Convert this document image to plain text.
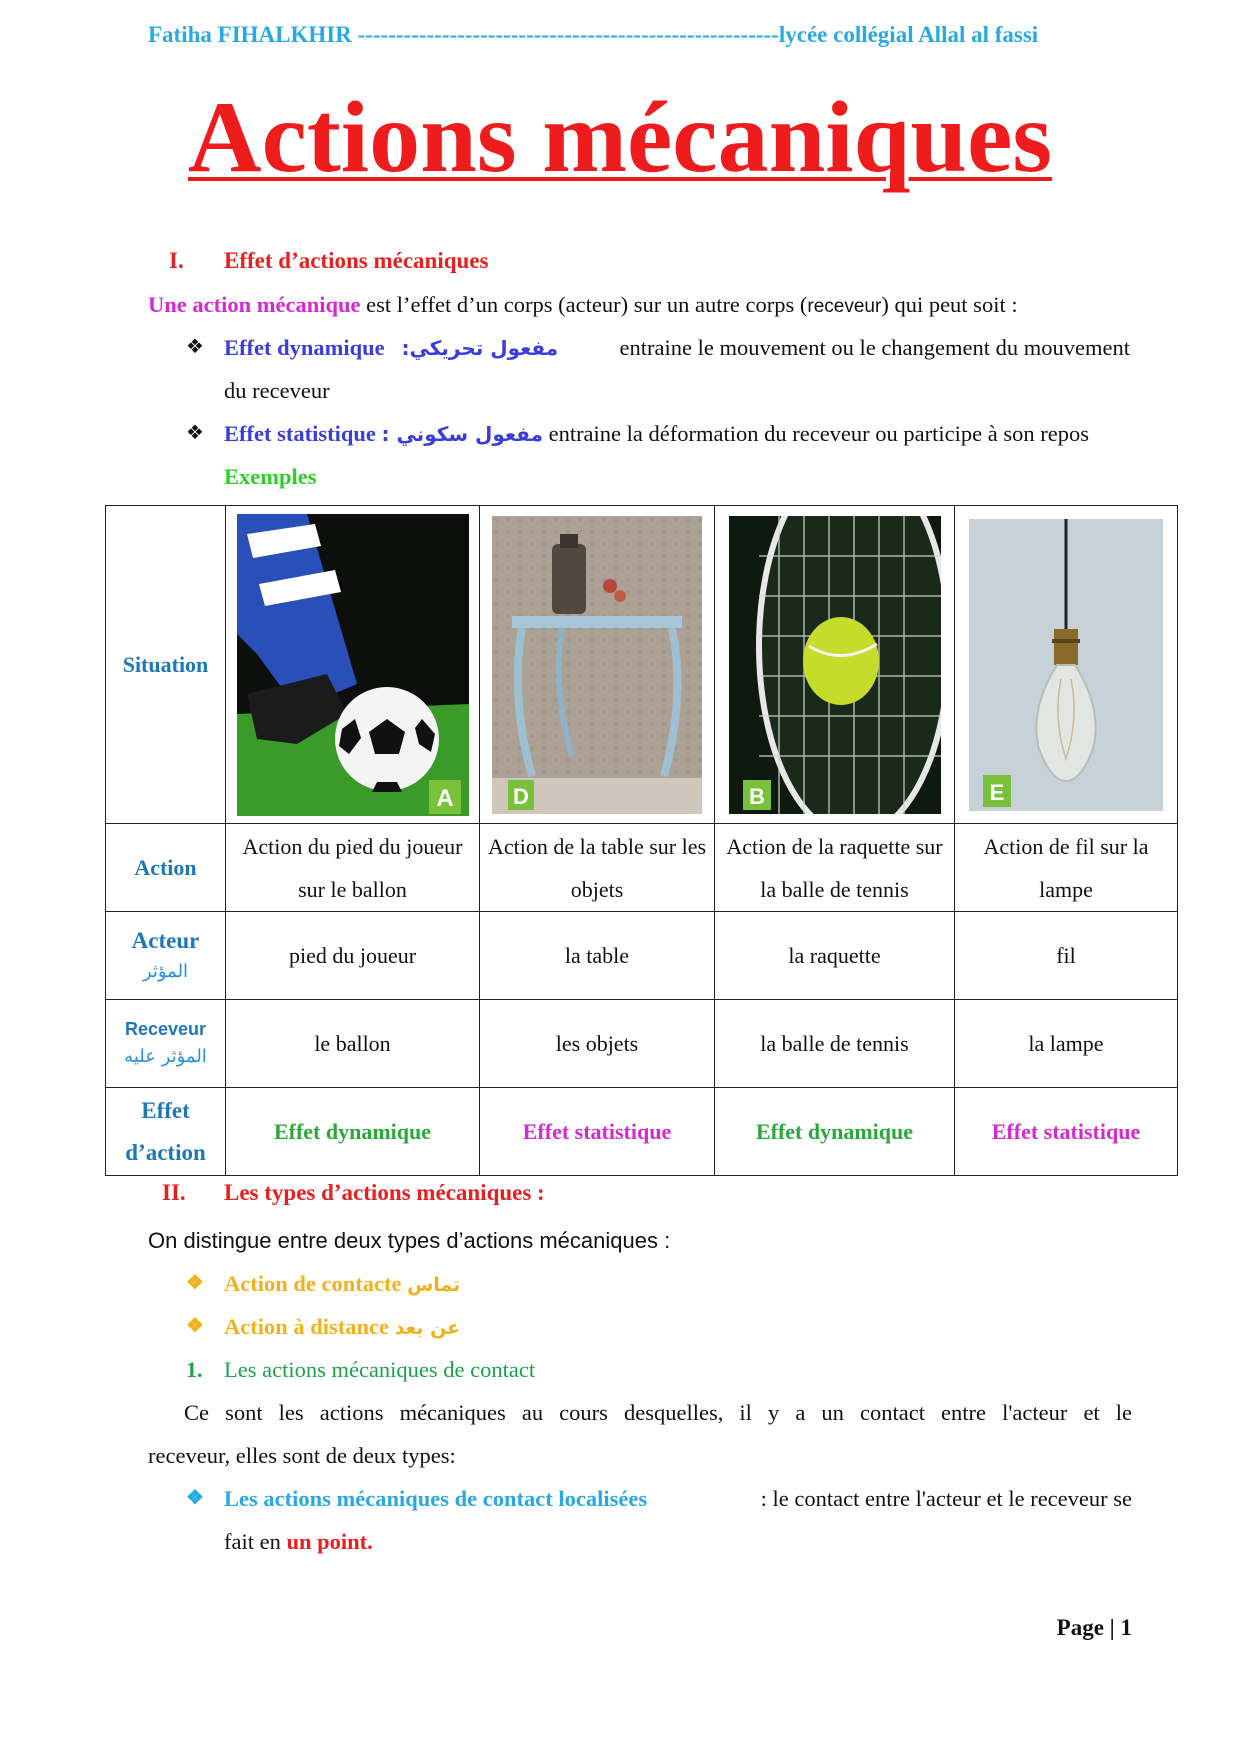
Fatiha FIHALKHIR -------------------------------------------------------lycée collégial Allal al fassi
Actions mécaniques
I. Effet d’actions mécaniques
Une action mécanique est l’effet d’un corps (acteur) sur un autre corps (receveur) qui peut soit :
❖ Effet dynamique مفعول تحريكي:	entraine le mouvement ou le changement du mouvement
du receveur
❖ Effet statistique مفعول سكوني : entraine la déformation du receveur ou participe à son repos
Exemples
Situation	A	D	B	E

Action	Action du pied du joueur sur le ballon	Action de la table sur les objets	Action de la raquette sur la balle de tennis	Action de fil sur la lampe

Acteur
المؤثر	pied du joueur	la table	la raquette	fil

Receveur
المؤثر عليه	le ballon	les objets	la balle de tennis	la lampe

Effet
d’action	Effet dynamique	Effet statistique	Effet dynamique	Effet statistique
II. Les types d’actions mécaniques :
On distingue entre deux types d’actions mécaniques :
❖ Action de contacte تماس
❖ Action à distance عن بعد
1. Les actions mécaniques de contact
Ce sont les actions mécaniques au cours desquelles, il y a un contact entre l'acteur et le
receveur, elles sont de deux types:
❖ Les actions mécaniques de contact localisées	: le contact entre l'acteur et le receveur se
fait en un point.
Page | 1
